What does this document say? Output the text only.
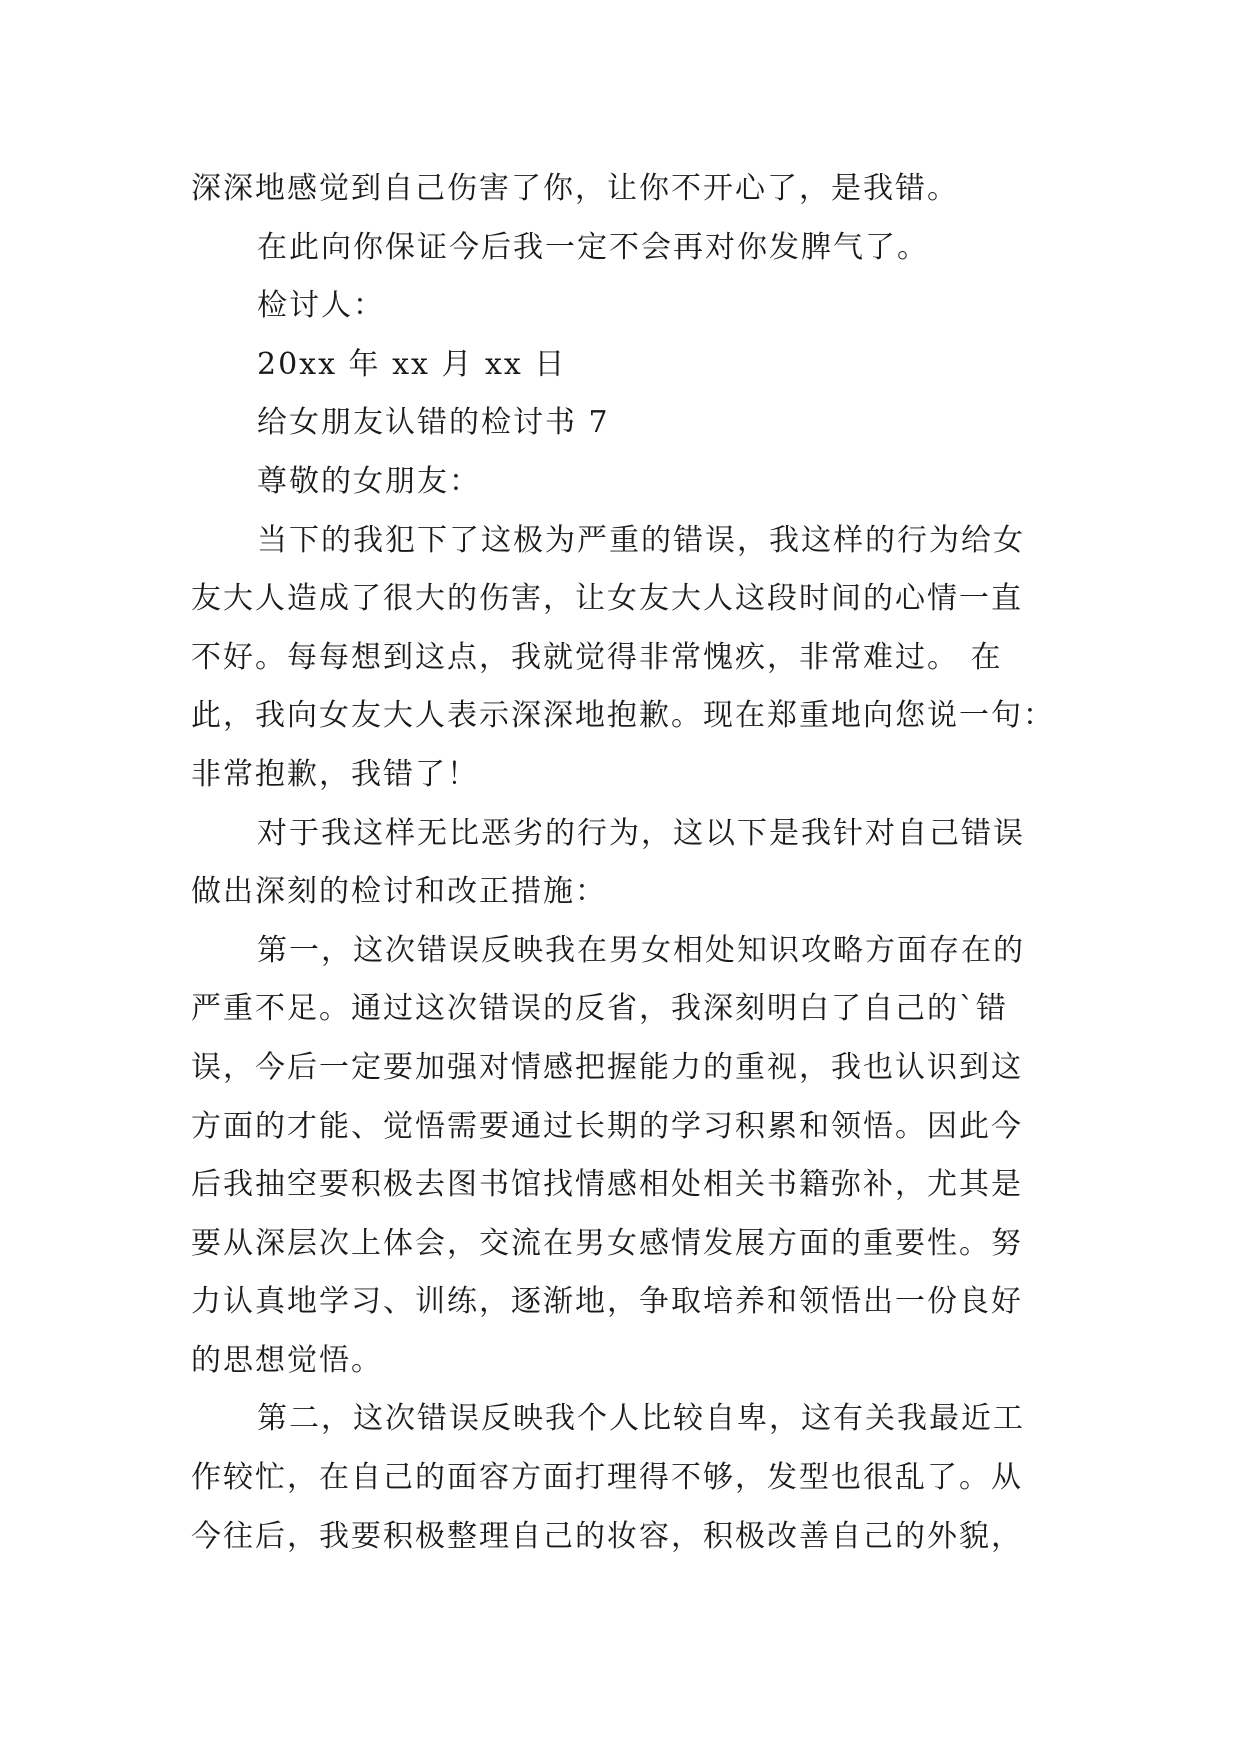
深深地感觉到自己伤害了你，让你不开心了，是我错。
在此向你保证今后我一定不会再对你发脾气了。
检讨人：
20xx 年 xx 月 xx 日
给女朋友认错的检讨书 7
尊敬的女朋友：
当下的我犯下了这极为严重的错误，我这样的行为给女
友大人造成了很大的伤害，让女友大人这段时间的心情一直
不好。每每想到这点，我就觉得非常愧疚，非常难过。 在
此，我向女友大人表示深深地抱歉。现在郑重地向您说一句：
非常抱歉，我错了！
对于我这样无比恶劣的行为，这以下是我针对自己错误
做出深刻的检讨和改正措施：
第一，这次错误反映我在男女相处知识攻略方面存在的
严重不足。通过这次错误的反省，我深刻明白了自己的`错
误，今后一定要加强对情感把握能力的重视，我也认识到这
方面的才能、觉悟需要通过长期的学习积累和领悟。因此今
后我抽空要积极去图书馆找情感相处相关书籍弥补，尤其是
要从深层次上体会，交流在男女感情发展方面的重要性。努
力认真地学习、训练，逐渐地，争取培养和领悟出一份良好
的思想觉悟。
第二，这次错误反映我个人比较自卑，这有关我最近工
作较忙，在自己的面容方面打理得不够，发型也很乱了。从
今往后，我要积极整理自己的妆容，积极改善自己的外貌，
